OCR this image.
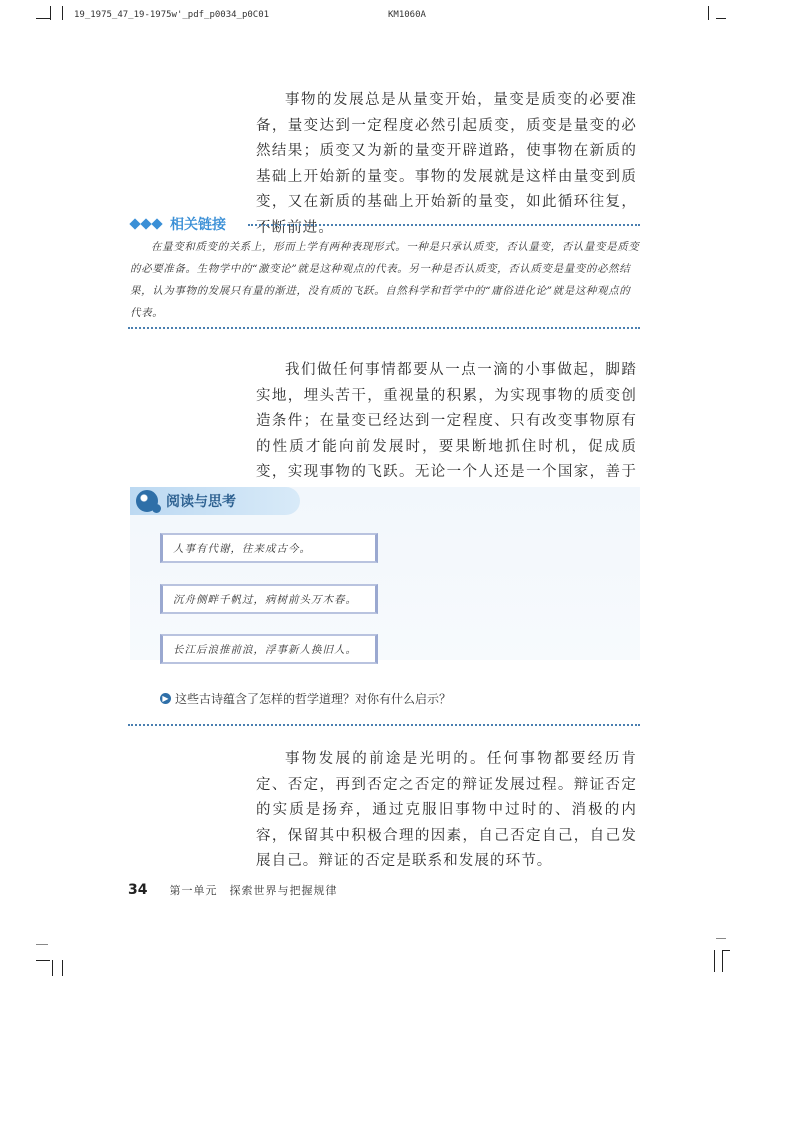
19_1975_47_19-1975w'_pdf_p0034_p0C01	KM1060A

事物的发展总是从量变开始，量变是质变的必要准备，量变达到一定程度必然引起质变，质变是量变的必然结果；质变又为新的量变开辟道路，使事物在新质的基础上开始新的量变。事物的发展就是这样由量变到质变，又在新质的基础上开始新的量变，如此循环往复，不断前进。

相关链接

在量变和质变的关系上，形而上学有两种表现形式。一种是只承认质变，否认量变，否认量变是质变的必要准备。生物学中的“激变论”就是这种观点的代表。另一种是否认质变，否认质变是量变的必然结果，认为事物的发展只有量的渐进，没有质的飞跃。自然科学和哲学中的“庸俗进化论”就是这种观点的代表。

我们做任何事情都要从一点一滴的小事做起，脚踏实地，埋头苦干，重视量的积累，为实现事物的质变创造条件；在量变已经达到一定程度、只有改变事物原有的性质才能向前发展时，要果断地抓住时机，促成质变，实现事物的飞跃。无论一个人还是一个国家，善于

阅读与思考
人事有代谢，往来成古今。
沉舟侧畔千帆过，病树前头万木春。
长江后浪推前浪，浮事新人换旧人。
▶ 这些古诗蕴含了怎样的哲学道理？对你有什么启示？

事物发展的前途是光明的。任何事物都要经历肯定、否定，再到否定之否定的辩证发展过程。辩证否定的实质是扬弃，通过克服旧事物中过时的、消极的内容，保留其中积极合理的因素，自己否定自己，自己发展自己。辩证的否定是联系和发展的环节。

34 第一单元　探索世界与把握规律
